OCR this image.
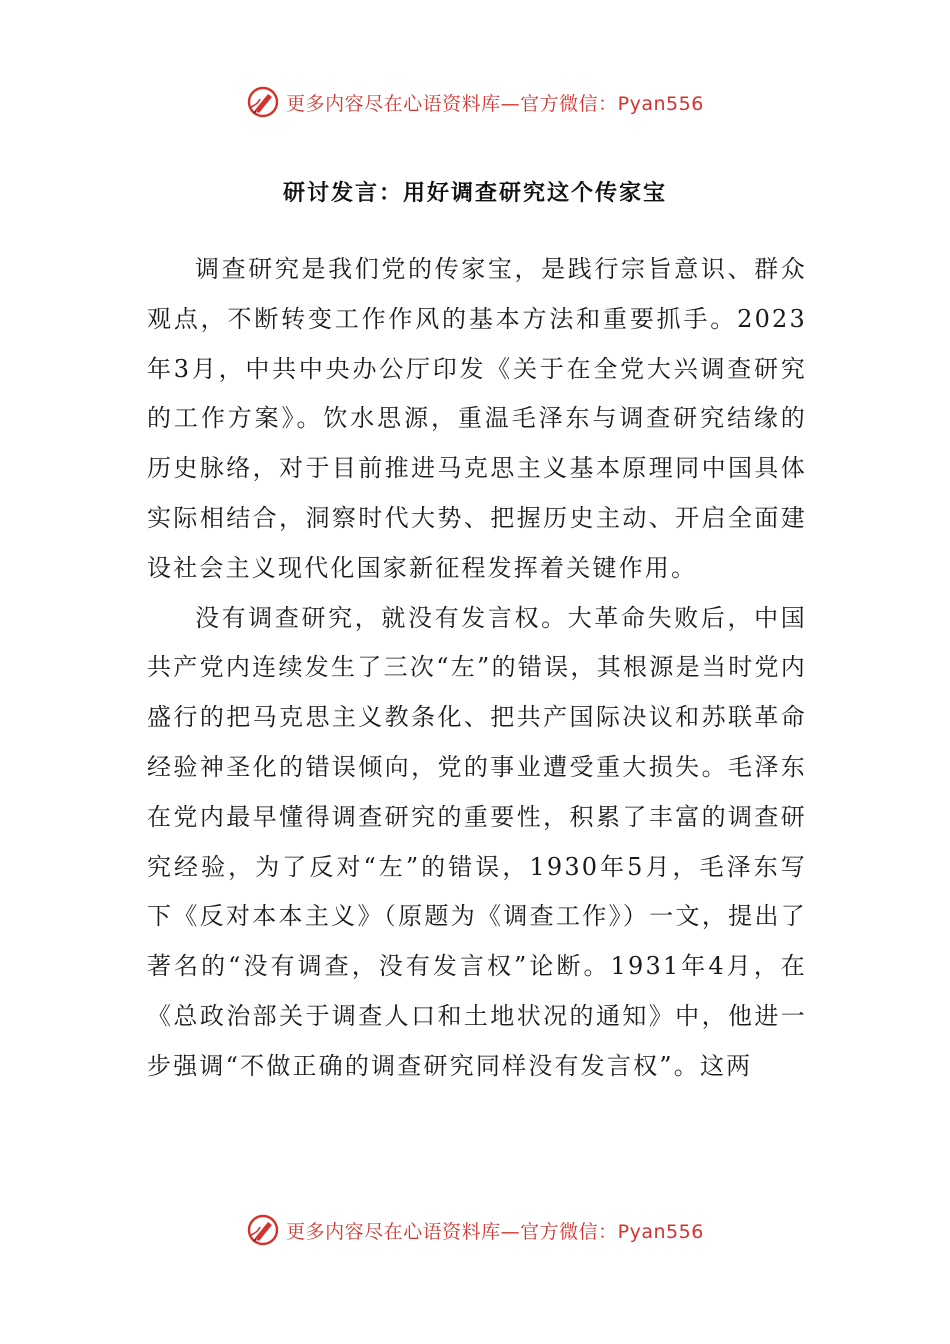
更多内容尽在心语资料库—官方微信：Pyan556
研讨发言：用好调查研究这个传家宝

调查研究是我们党的传家宝，是践行宗旨意识、群众观点，不断转变工作作风的基本方法和重要抓手。2023年3月，中共中央办公厅印发《关于在全党大兴调查研究的工作方案》。饮水思源，重温毛泽东与调查研究结缘的历史脉络，对于目前推进马克思主义基本原理同中国具体实际相结合，洞察时代大势、把握历史主动、开启全面建设社会主义现代化国家新征程发挥着关键作用。

没有调查研究，就没有发言权。大革命失败后，中国共产党内连续发生了三次“左”的错误，其根源是当时党内盛行的把马克思主义教条化、把共产国际决议和苏联革命经验神圣化的错误倾向，党的事业遭受重大损失。毛泽东在党内最早懂得调查研究的重要性，积累了丰富的调查研究经验，为了反对“左”的错误，1930年5月，毛泽东写下《反对本本主义》（原题为《调查工作》）一文，提出了著名的“没有调查，没有发言权”论断。1931年4月，在《总政治部关于调查人口和土地状况的通知》中，他进一步强调“不做正确的调查研究同样没有发言权”。这两

更多内容尽在心语资料库—官方微信：Pyan556
